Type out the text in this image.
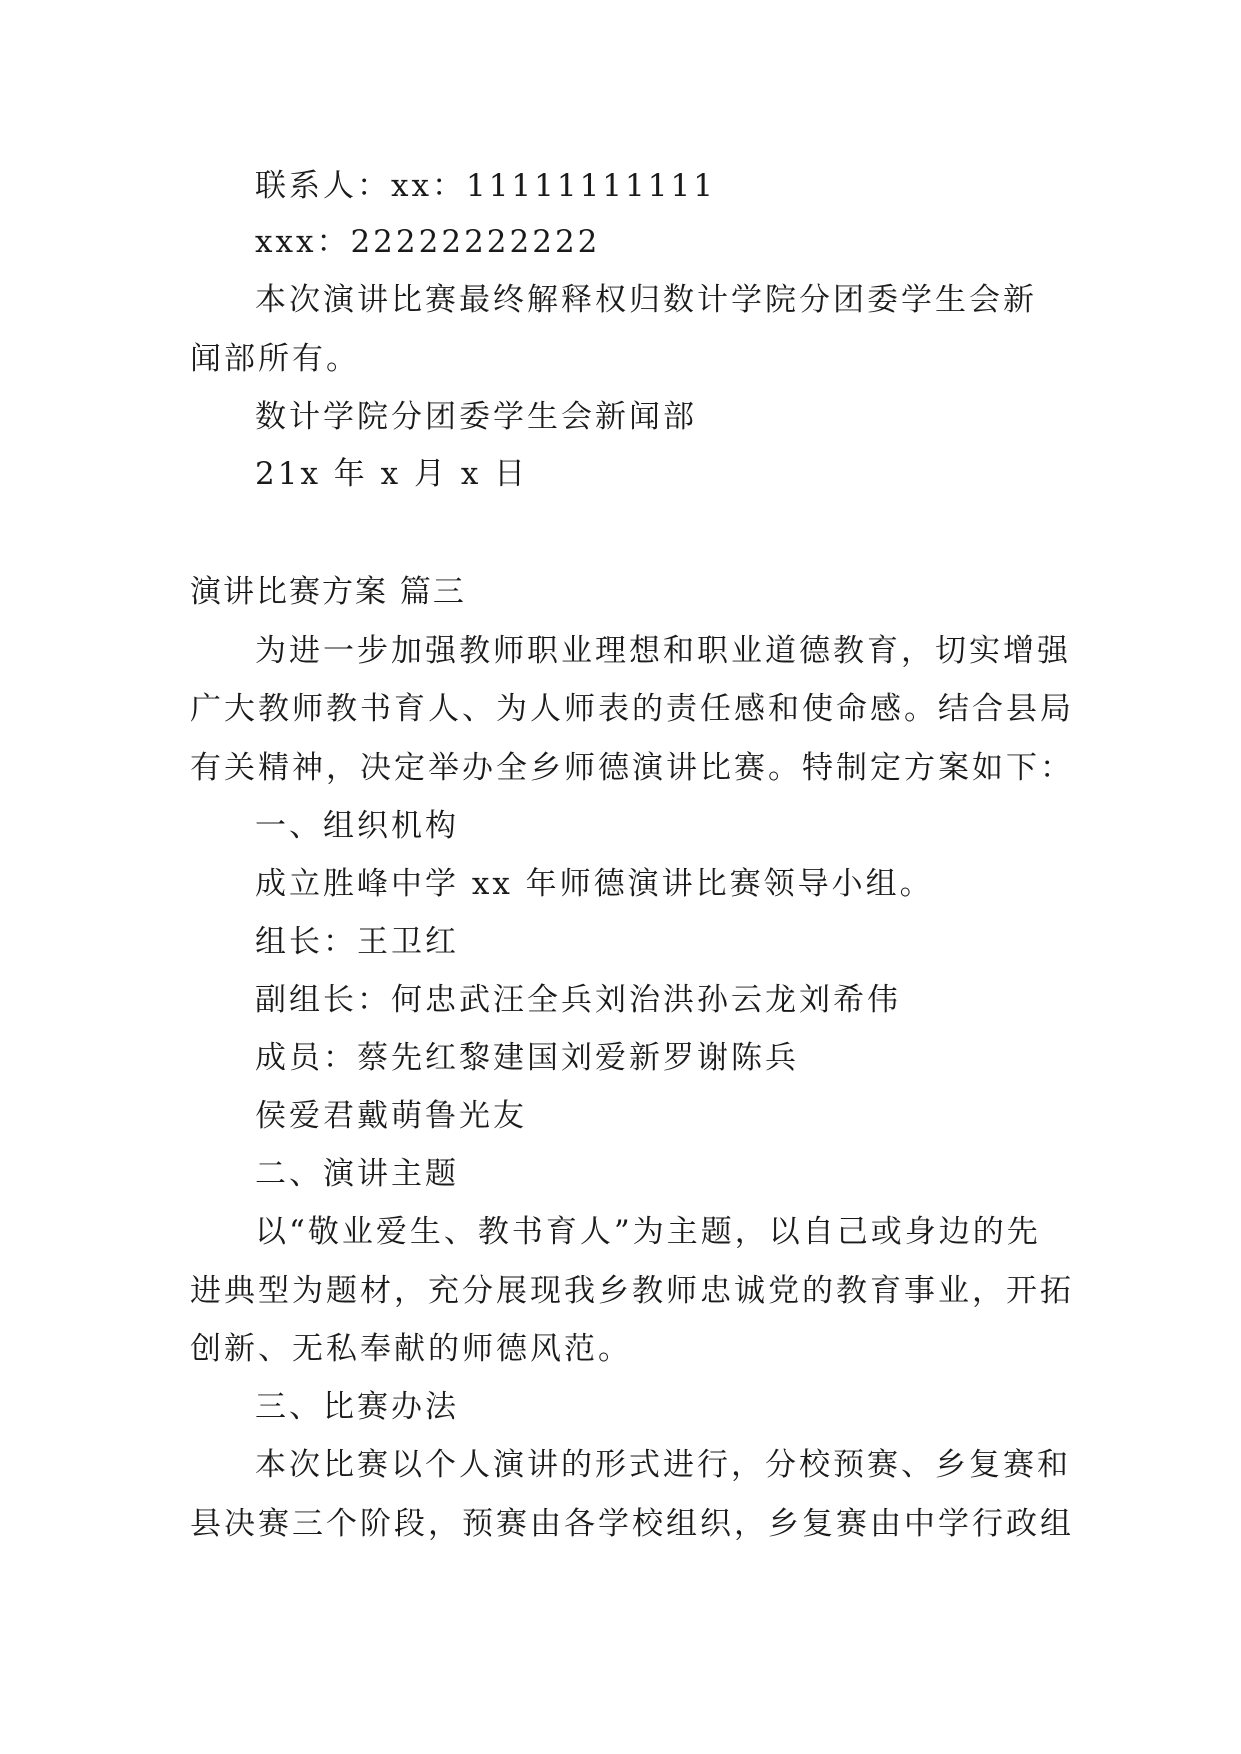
联系人：xx：11111111111
xxx：22222222222
本次演讲比赛最终解释权归数计学院分团委学生会新
闻部所有。
数计学院分团委学生会新闻部
21x 年 x 月 x 日
演讲比赛方案 篇三
为进一步加强教师职业理想和职业道德教育，切实增强
广大教师教书育人、为人师表的责任感和使命感。结合县局
有关精神，决定举办全乡师德演讲比赛。特制定方案如下：
一、组织机构
成立胜峰中学 xx 年师德演讲比赛领导小组。
组长：王卫红
副组长：何忠武汪全兵刘治洪孙云龙刘希伟
成员：蔡先红黎建国刘爱新罗谢陈兵
侯爱君戴萌鲁光友
二、演讲主题
以“敬业爱生、教书育人”为主题，以自己或身边的先
进典型为题材，充分展现我乡教师忠诚党的教育事业，开拓
创新、无私奉献的师德风范。
三、比赛办法
本次比赛以个人演讲的形式进行，分校预赛、乡复赛和
县决赛三个阶段，预赛由各学校组织，乡复赛由中学行政组
